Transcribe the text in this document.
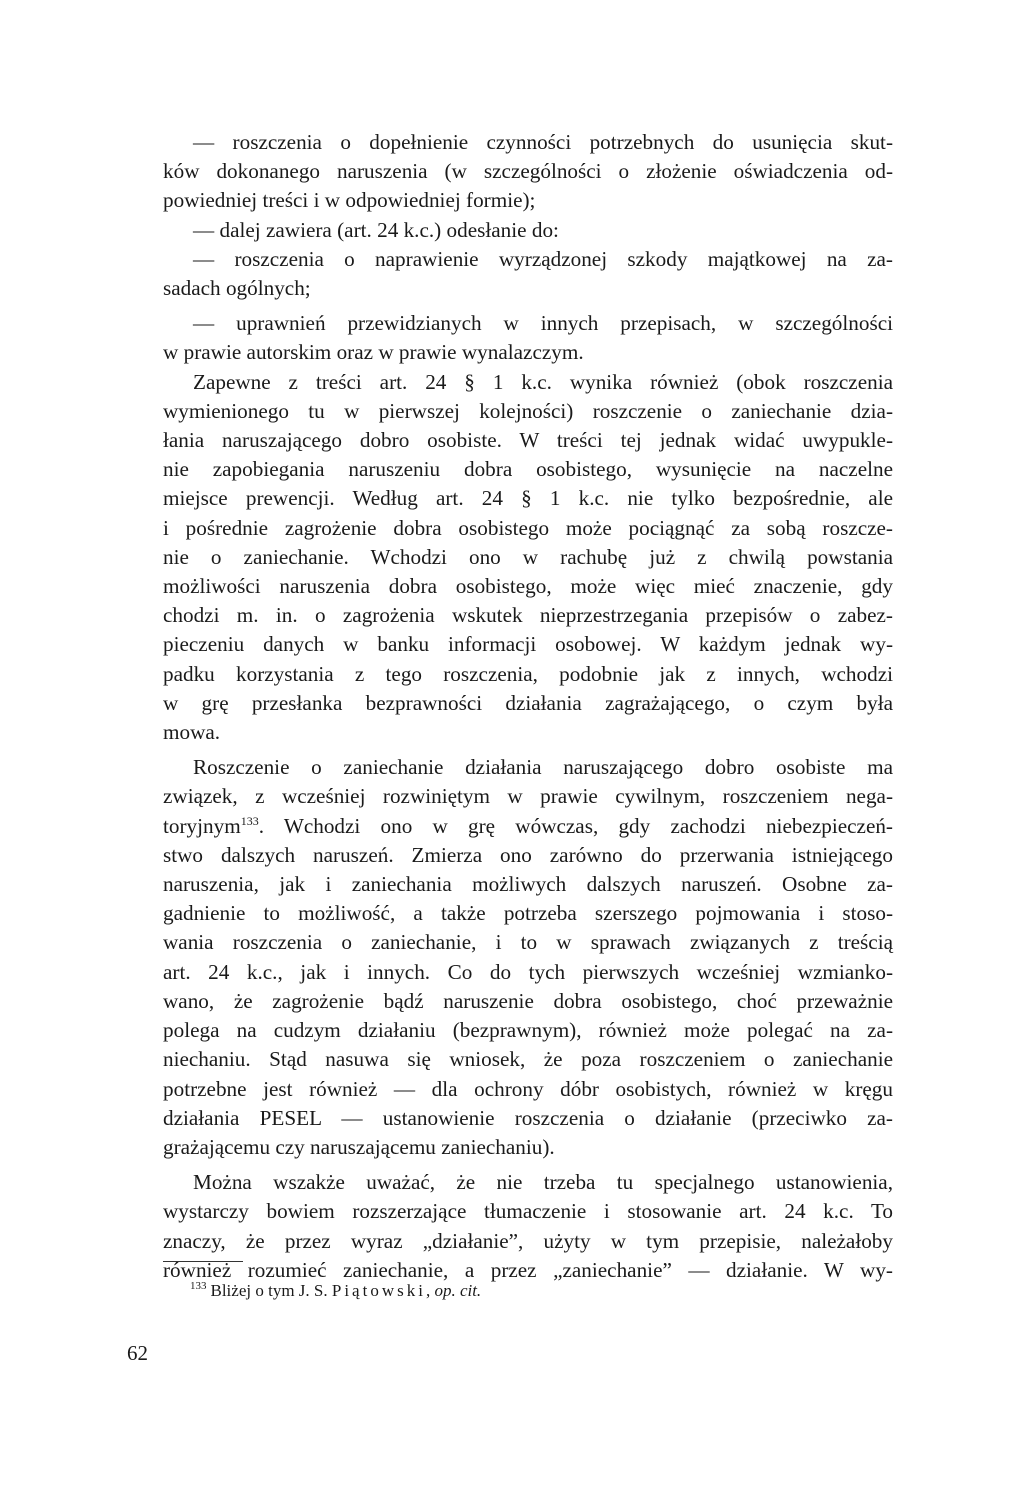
— roszczenia o dopełnienie czynności potrzebnych do usunięcia skut-
ków dokonanego naruszenia (w szczególności o złożenie oświadczenia od-
powiedniej treści i w odpowiedniej formie);
— dalej zawiera (art. 24 k.c.) odesłanie do:
— roszczenia o naprawienie wyrządzonej szkody majątkowej na za-
sadach ogólnych;
— uprawnień przewidzianych w innych przepisach, w szczególności
w prawie autorskim oraz w prawie wynalazczym.
Zapewne z treści art. 24 § 1 k.c. wynika również (obok roszczenia
wymienionego tu w pierwszej kolejności) roszczenie o zaniechanie dzia-
łania naruszającego dobro osobiste. W treści tej jednak widać uwypukle-
nie zapobiegania naruszeniu dobra osobistego, wysunięcie na naczelne
miejsce prewencji. Według art. 24 § 1 k.c. nie tylko bezpośrednie, ale
i pośrednie zagrożenie dobra osobistego może pociągnąć za sobą roszcze-
nie o zaniechanie. Wchodzi ono w rachubę już z chwilą powstania
możliwości naruszenia dobra osobistego, może więc mieć znaczenie, gdy
chodzi m. in. o zagrożenia wskutek nieprzestrzegania przepisów o zabez-
pieczeniu danych w banku informacji osobowej. W każdym jednak wy-
padku korzystania z tego roszczenia, podobnie jak z innych, wchodzi
w grę przesłanka bezprawności działania zagrażającego, o czym była
mowa.
Roszczenie o zaniechanie działania naruszającego dobro osobiste ma
związek, z wcześniej rozwiniętym w prawie cywilnym, roszczeniem nega-
toryjnym$^{133}$. Wchodzi ono w grę wówczas, gdy zachodzi niebezpieczeń-
stwo dalszych naruszeń. Zmierza ono zarówno do przerwania istniejącego
naruszenia, jak i zaniechania możliwych dalszych naruszeń. Osobne za-
gadnienie to możliwość, a także potrzeba szerszego pojmowania i stoso-
wania roszczenia o zaniechanie, i to w sprawach związanych z treścią
art. 24 k.c., jak i innych. Co do tych pierwszych wcześniej wzmianko-
wano, że zagrożenie bądź naruszenie dobra osobistego, choć przeważnie
polega na cudzym działaniu (bezprawnym), również może polegać na za-
niechaniu. Stąd nasuwa się wniosek, że poza roszczeniem o zaniechanie
potrzebne jest również — dla ochrony dóbr osobistych, również w kręgu
działania PESEL — ustanowienie roszczenia o działanie (przeciwko za-
grażającemu czy naruszającemu zaniechaniu).
Można wszakże uważać, że nie trzeba tu specjalnego ustanowienia,
wystarczy bowiem rozszerzające tłumaczenie i stosowanie art. 24 k.c. To
znaczy, że przez wyraz „działanie”, użyty w tym przepisie, należałoby
również rozumieć zaniechanie, a przez „zaniechanie” — działanie. W wy-
$^{133}$ Bliżej o tym J. S. Piątowski, op. cit.
62
